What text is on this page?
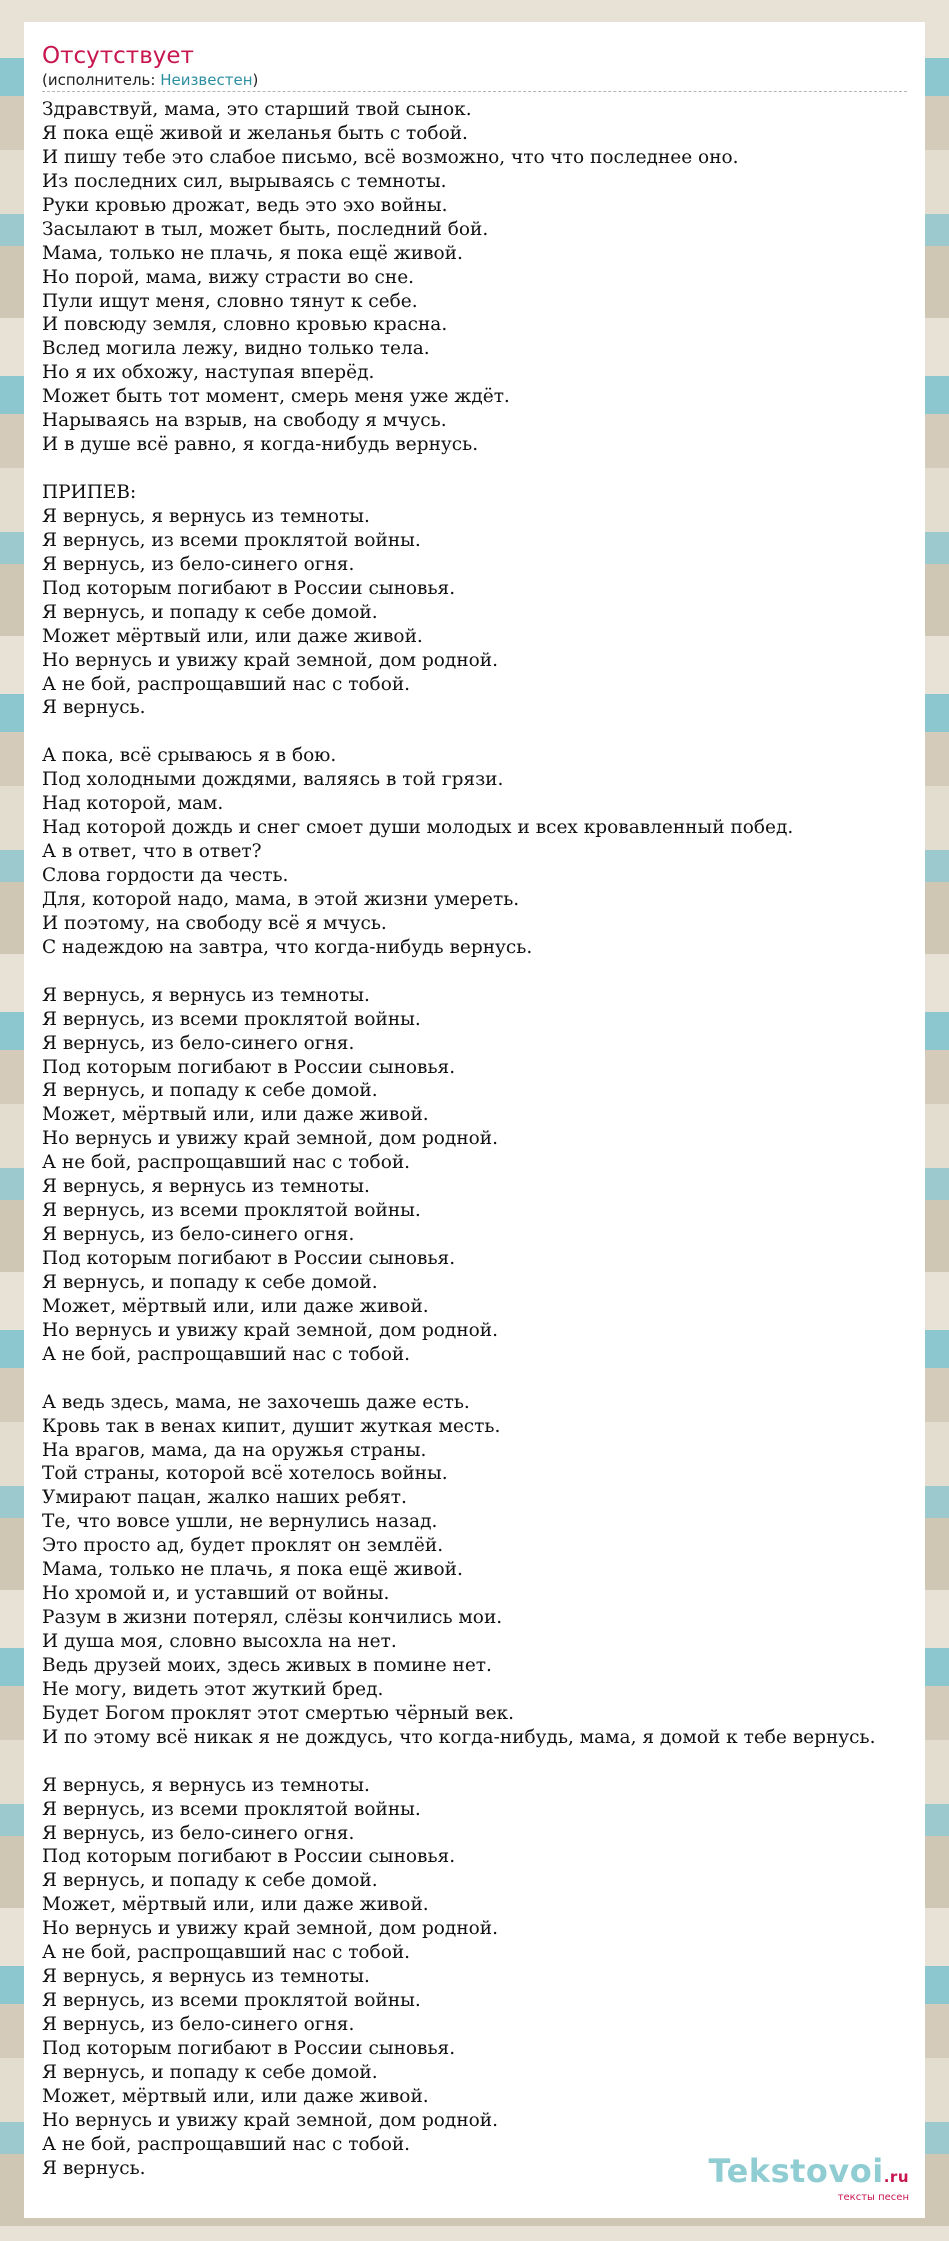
Отсутствует
(исполнитель: Неизвестен)
Здравствуй, мама, это старший твой сынок.
Я пока ещё живой и желанья быть с тобой.
И пишу тебе это слабое письмо, всё возможно, что что последнее оно.
Из последних сил, вырываясь с темноты.
Руки кровью дрожат, ведь это эхо войны.
Засылают в тыл, может быть, последний бой.
Мама, только не плачь, я пока ещё живой.
Но порой, мама, вижу страсти во сне.
Пули ищут меня, словно тянут к себе.
И повсюду земля, словно кровью красна.
Вслед могила лежу, видно только тела.
Но я их обхожу, наступая вперёд.
Может быть тот момент, смерь меня уже ждёт.
Нарываясь на взрыв, на свободу я мчусь.
И в душе всё равно, я когда-нибудь вернусь.
ПРИПЕВ:
Я вернусь, я вернусь из темноты.
Я вернусь, из всеми проклятой войны.
Я вернусь, из бело-синего огня.
Под которым погибают в России сыновья.
Я вернусь, и попаду к себе домой.
Может мёртвый или, или даже живой.
Но вернусь и увижу край земной, дом родной.
А не бой, распрощавший нас с тобой.
Я вернусь.
А пока, всё срываюсь я в бою.
Под холодными дождями, валяясь в той грязи.
Над которой, мам.
Над которой дождь и снег смоет души молодых и всех кровавленный побед.
А в ответ, что в ответ?
Слова гордости да честь.
Для, которой надо, мама, в этой жизни умереть.
И поэтому, на свободу всё я мчусь.
С надеждою на завтра, что когда-нибудь вернусь.
Я вернусь, я вернусь из темноты.
Я вернусь, из всеми проклятой войны.
Я вернусь, из бело-синего огня.
Под которым погибают в России сыновья.
Я вернусь, и попаду к себе домой.
Может, мёртвый или, или даже живой.
Но вернусь и увижу край земной, дом родной.
А не бой, распрощавший нас с тобой.
Я вернусь, я вернусь из темноты.
Я вернусь, из всеми проклятой войны.
Я вернусь, из бело-синего огня.
Под которым погибают в России сыновья.
Я вернусь, и попаду к себе домой.
Может, мёртвый или, или даже живой.
Но вернусь и увижу край земной, дом родной.
А не бой, распрощавший нас с тобой.
А ведь здесь, мама, не захочешь даже есть.
Кровь так в венах кипит, душит жуткая месть.
На врагов, мама, да на оружья страны.
Той страны, которой всё хотелось войны.
Умирают пацан, жалко наших ребят.
Те, что вовсе ушли, не вернулись назад.
Это просто ад, будет проклят он землёй.
Мама, только не плачь, я пока ещё живой.
Но хромой и, и уставший от войны.
Разум в жизни потерял, слёзы кончились мои.
И душа моя, словно высохла на нет.
Ведь друзей моих, здесь живых в помине нет.
Не могу, видеть этот жуткий бред.
Будет Богом проклят этот смертью чёрный век.
И по этому всё никак я не дождусь, что когда-нибудь, мама, я домой к тебе вернусь.
Я вернусь, я вернусь из темноты.
Я вернусь, из всеми проклятой войны.
Я вернусь, из бело-синего огня.
Под которым погибают в России сыновья.
Я вернусь, и попаду к себе домой.
Может, мёртвый или, или даже живой.
Но вернусь и увижу край земной, дом родной.
А не бой, распрощавший нас с тобой.
Я вернусь, я вернусь из темноты.
Я вернусь, из всеми проклятой войны.
Я вернусь, из бело-синего огня.
Под которым погибают в России сыновья.
Я вернусь, и попаду к себе домой.
Может, мёртвый или, или даже живой.
Но вернусь и увижу край земной, дом родной.
А не бой, распрощавший нас с тобой.
Я вернусь.	Tekstovoi.ru
тексты песен
